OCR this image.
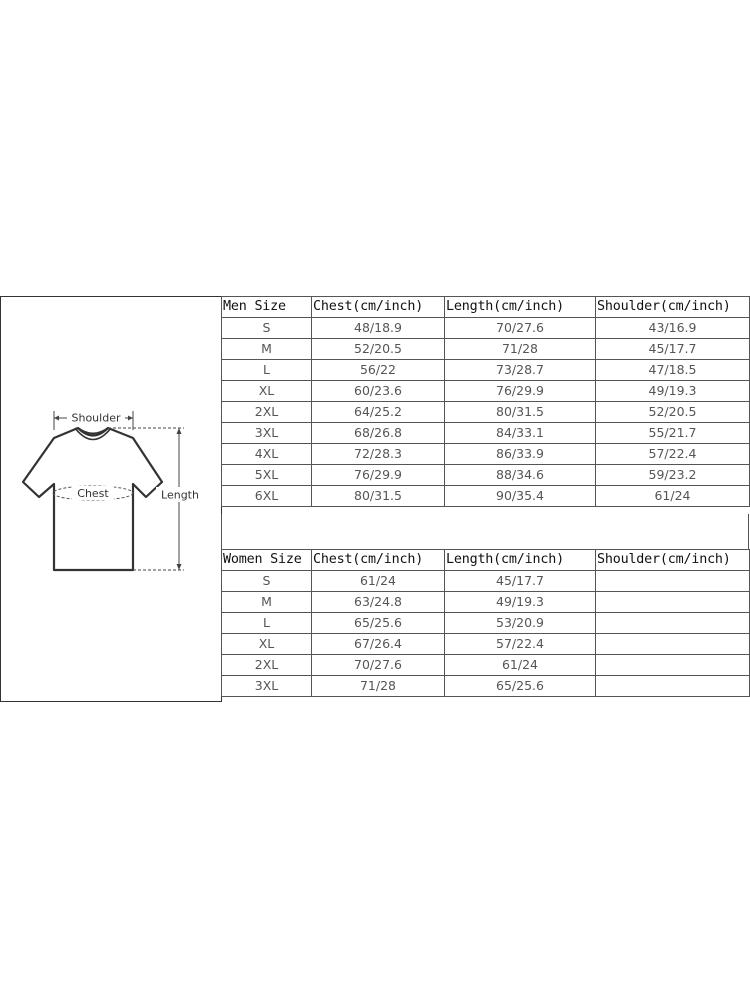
Shoulder
Length
Chest
Men Size	Chest(cm/inch)	Length(cm/inch)	Shoulder(cm/inch)
S	48/18.9	70/27.6	43/16.9
M	52/20.5	71/28	45/17.7
L	56/22	73/28.7	47/18.5
XL	60/23.6	76/29.9	49/19.3
2XL	64/25.2	80/31.5	52/20.5
3XL	68/26.8	84/33.1	55/21.7
4XL	72/28.3	86/33.9	57/22.4
5XL	76/29.9	88/34.6	59/23.2
6XL	80/31.5	90/35.4	61/24
Women Size	Chest(cm/inch)	Length(cm/inch)	Shoulder(cm/inch)
S	61/24	45/17.7	
M	63/24.8	49/19.3	
L	65/25.6	53/20.9	
XL	67/26.4	57/22.4	
2XL	70/27.6	61/24	
3XL	71/28	65/25.6	
